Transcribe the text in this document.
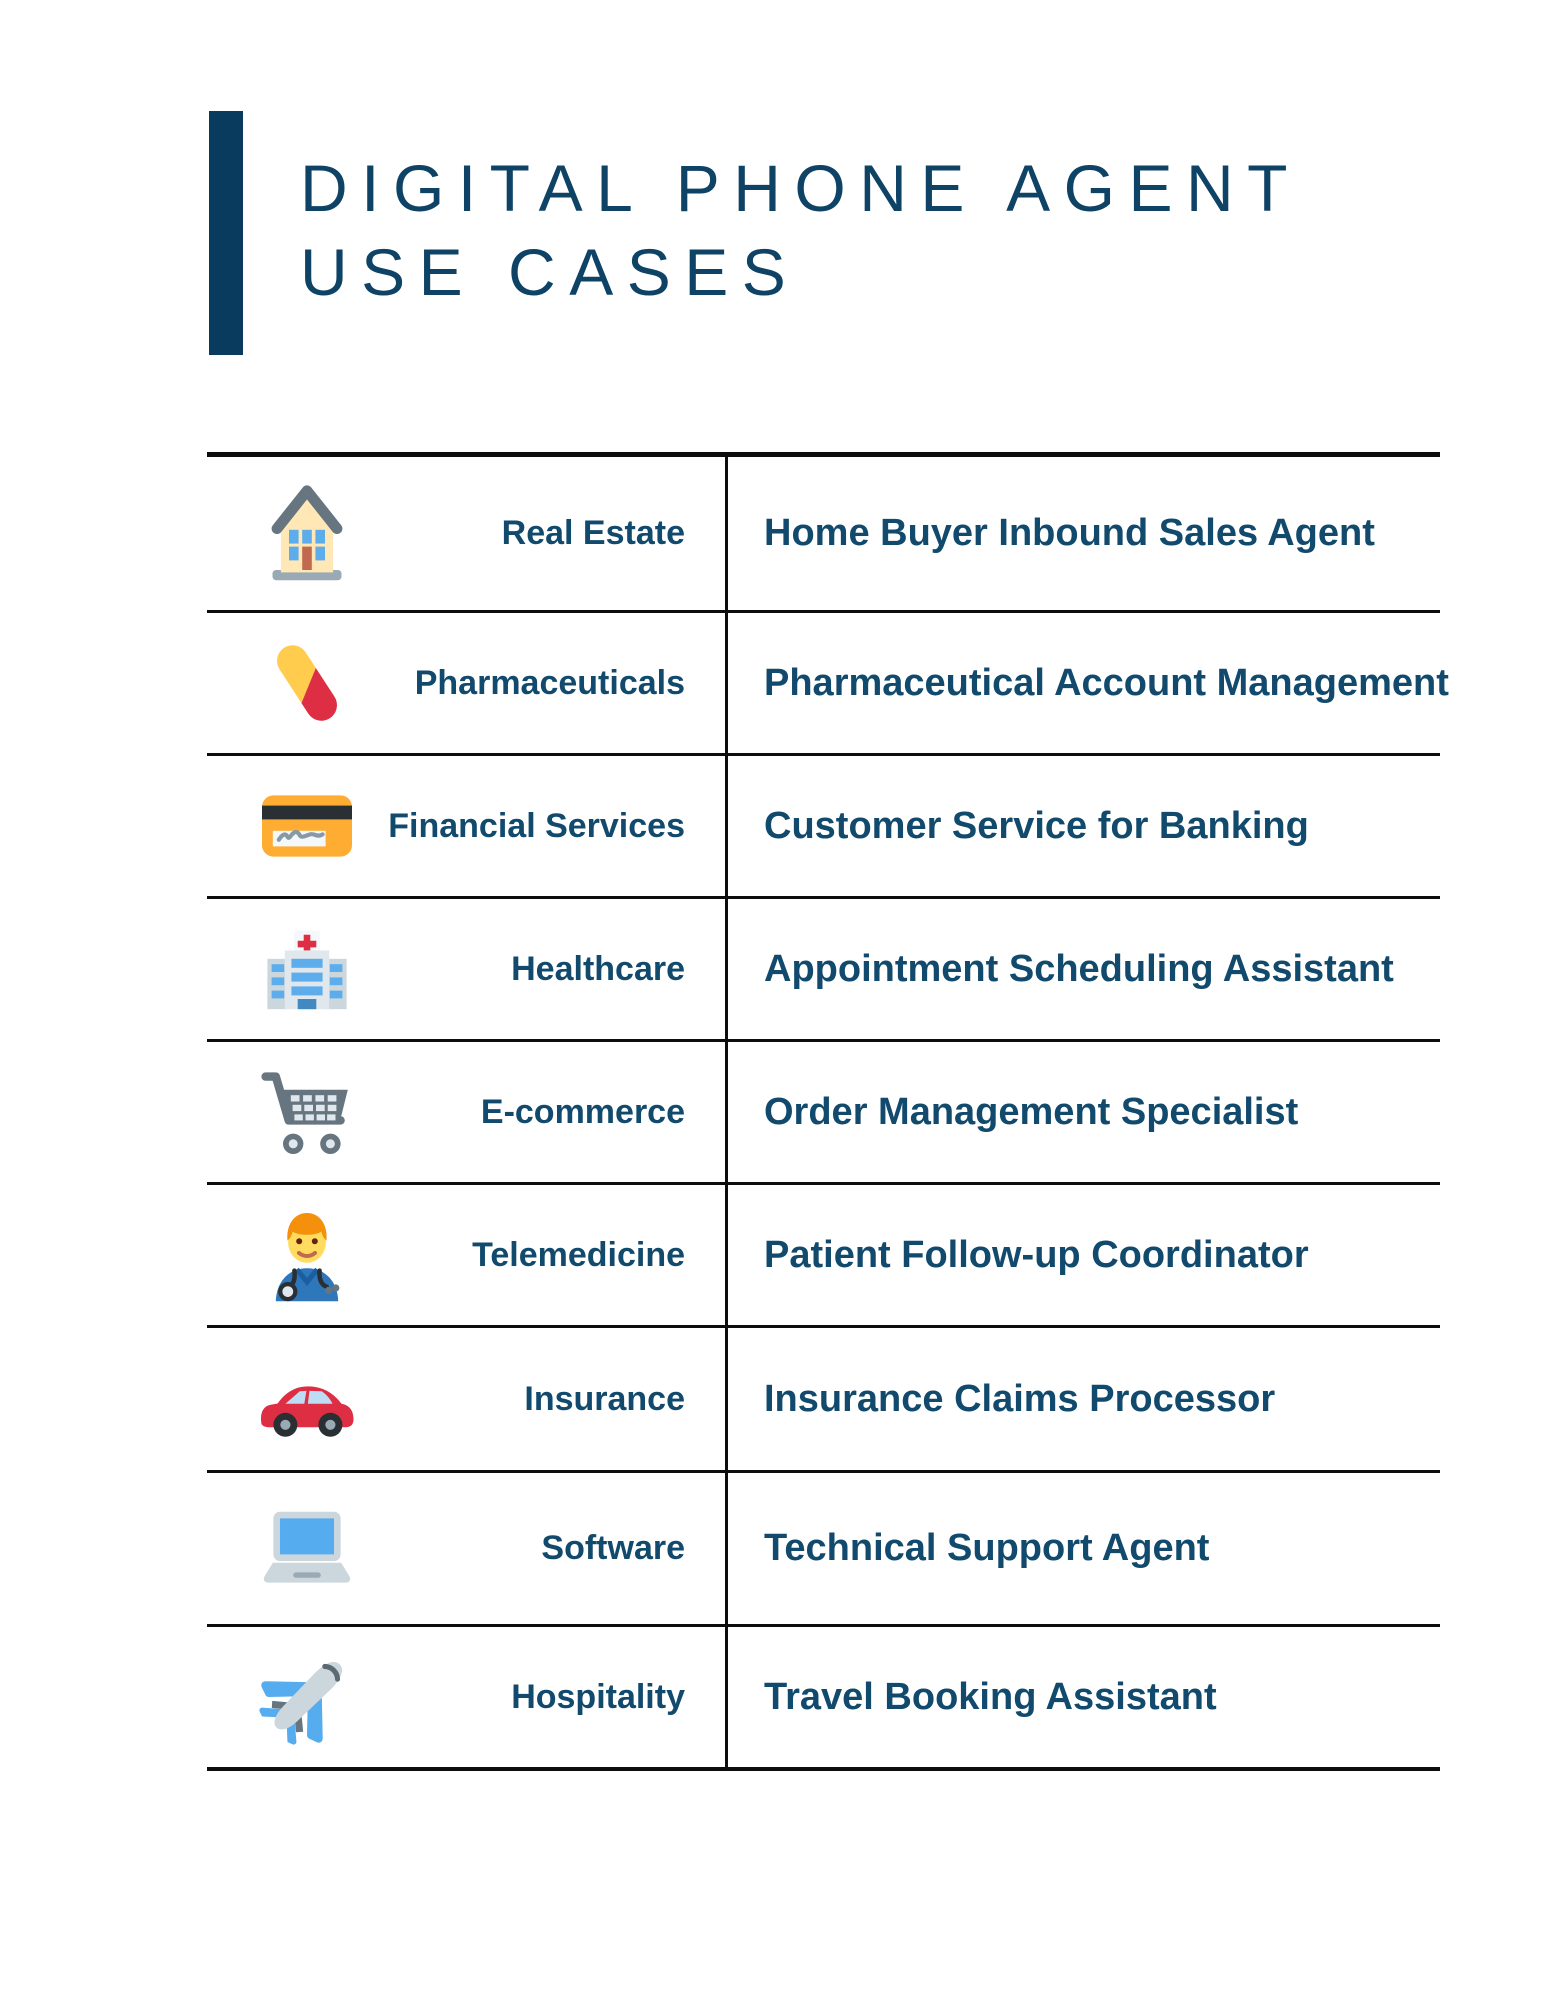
DIGITAL PHONE AGENT
USE CASES
Real Estate	Home Buyer Inbound Sales Agent
Pharmaceuticals	Pharmaceutical Account Management
Financial Services	Customer Service for Banking
Healthcare	Appointment Scheduling Assistant
E-commerce	Order Management Specialist
Telemedicine	Patient Follow-up Coordinator
Insurance	Insurance Claims Processor
Software	Technical Support Agent
Hospitality	Travel Booking Assistant
